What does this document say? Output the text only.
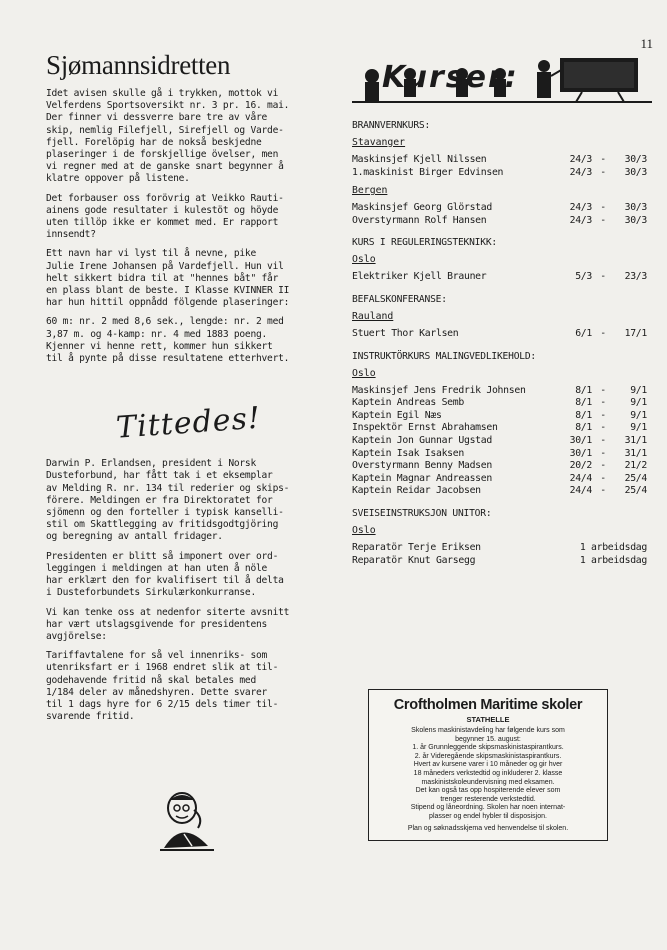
11
Sjømannsidretten

Idet avisen skulle gå i trykken, mottok vi
Velferdens Sportsoversikt nr. 3 pr. 16. mai.
Der finner vi dessverre bare tre av våre
skip, nemlig Filefjell, Sirefjell og Varde-
fjell. Forelöpig har de nokså beskjedne
plaseringer i de forskjellige övelser, men
vi regner med at de ganske snart begynner å
klatre oppover på listene.

Det forbauser oss forövrig at Veikko Rauti-
ainens gode resultater i kulestöt og höyde
uten tillöp ikke er kommet med. Er rapport
innsendt?

Ett navn har vi lyst til å nevne, pike
Julie Irene Johansen på Vardefjell. Hun vil
helt sikkert bidra til at "hennes båt" får
en plass blant de beste. I Klasse KVINNER II
har hun hittil oppnådd fölgende plaseringer:

60 m: nr. 2 med 8,6 sek., lengde: nr. 2 med
3,87 m. og 4-kamp: nr. 4 med 1883 poeng.
Kjenner vi henne rett, kommer hun sikkert
til å pynte på disse resultatene etterhvert.

Tittedes!

Darwin P. Erlandsen, president i Norsk
Dusteforbund, har fått tak i et eksemplar
av Melding R. nr. 134 til rederier og skips-
förere. Meldingen er fra Direktoratet for
sjömenn og den forteller i typisk kanselli-
stil om Skattlegging av fritidsgodtgjöring
og beregning av antall fridager.

Presidenten er blitt så imponert over ord-
leggingen i meldingen at han uten å nöle
har erklært den for kvalifisert til å delta
i Dusteforbundets Sirkulærkonkurranse.

Vi kan tenke oss at nedenfor siterte avsnitt
har vært utslagsgivende for presidentens
avgjörelse:

Tariffavtalene for så vel innenriks- som
utenriksfart er i 1968 endret slik at til-
godehavende fritid nå skal betales med
1/184 deler av månedshyren. Dette svarer
til 1 dags hyre for 6 2/15 dels timer til-
svarende fritid.

Kurser:
BRANNVERNKURS:
Stavanger
Maskinsjef Kjell Nilssen	24/3	-	30/3
1.maskinist Birger Edvinsen	24/3	-	30/3
Bergen
Maskinsjef Georg Glörstad	24/3	-	30/3
Overstyrmann Rolf Hansen	24/3	-	30/3
KURS I REGULERINGSTEKNIKK:
Oslo
Elektriker Kjell Brauner	5/3	-	23/3
BEFALSKONFERANSE:
Rauland
Stuert Thor Karlsen	6/1	-	17/1
INSTRUKTÖRKURS MALINGVEDLIKEHOLD:
Oslo
Maskinsjef Jens Fredrik Johnsen	8/1	-	9/1
Kaptein Andreas Semb	8/1	-	9/1
Kaptein Egil Næs	8/1	-	9/1
Inspektör Ernst Abrahamsen	8/1	-	9/1
Kaptein Jon Gunnar Ugstad	30/1	-	31/1
Kaptein Isak Isaksen	30/1	-	31/1
Overstyrmann Benny Madsen	20/2	-	21/2
Kaptein Magnar Andreassen	24/4	-	25/4
Kaptein Reidar Jacobsen	24/4	-	25/4
SVEISEINSTRUKSJON UNITOR:
Oslo
Reparatör Terje Eriksen	1 arbeidsdag
Reparatör Knut Garsegg	1 arbeidsdag

Croftholmen Maritime skoler

STATHELLE

Skolens maskinistavdeling har følgende kurs som
begynner 15. august:

1. år Grunnleggende skipsmaskinistaspirantkurs.

2. år Videregående skipsmaskinistaspirantkurs.

Hvert av kursene varer i 10 måneder og gir hver
18 måneders verkstedtid og inkluderer 2. klasse
maskinistskoleundervisning med eksamen.

Det kan også tas opp hospiterende elever som
trenger resterende verkstedtid.

Stipend og låneordning. Skolen har noen internat-
plasser og endel hybler til disposisjon.

Plan og søknadsskjema ved henvendelse til skolen.
